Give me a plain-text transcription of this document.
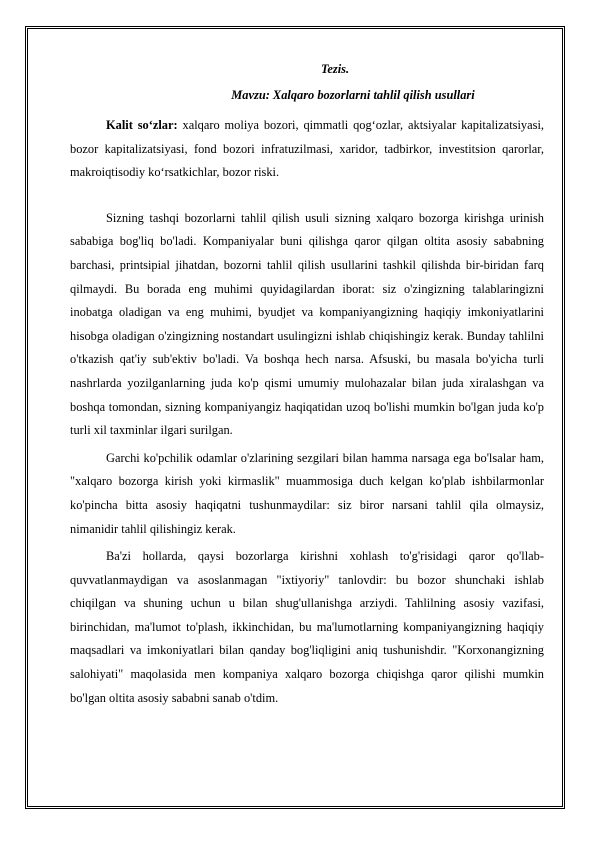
Tezis.
Mavzu: Xalqaro bozorlarni tahlil qilish usullari

Kalit so‘zlar: xalqaro moliya bozori, qimmatli qog‘ozlar, aktsiyalar kapitalizatsiyasi, bozor kapitalizatsiyasi, fond bozori infratuzilmasi, xaridor, tadbirkor, investitsion qarorlar, makroiqtisodiy ko‘rsatkichlar, bozor riski.

Sizning tashqi bozorlarni tahlil qilish usuli sizning xalqaro bozorga kirishga urinish sababiga bog'liq bo'ladi. Kompaniyalar buni qilishga qaror qilgan oltita asosiy sababning barchasi, printsipial jihatdan, bozorni tahlil qilish usullarini tashkil qilishda bir-biridan farq qilmaydi. Bu borada eng muhimi quyidagilardan iborat: siz o'zingizning talablaringizni inobatga oladigan va eng muhimi, byudjet va kompaniyangizning haqiqiy imkoniyatlarini hisobga oladigan o'zingizning nostandart usulingizni ishlab chiqishingiz kerak. Bunday tahlilni o'tkazish qat'iy sub'ektiv bo'ladi. Va boshqa hech narsa. Afsuski, bu masala bo'yicha turli nashrlarda yozilganlarning juda ko'p qismi umumiy mulohazalar bilan juda xiralashgan va boshqa tomondan, sizning kompaniyangiz haqiqatidan uzoq bo'lishi mumkin bo'lgan juda ko'p turli xil taxminlar ilgari surilgan.

Garchi ko'pchilik odamlar o'zlarining sezgilari bilan hamma narsaga ega bo'lsalar ham, "xalqaro bozorga kirish yoki kirmaslik" muammosiga duch kelgan ko'plab ishbilarmonlar ko'pincha bitta asosiy haqiqatni tushunmaydilar: siz biror narsani tahlil qila olmaysiz, nimanidir tahlil qilishingiz kerak.

Ba'zi hollarda, qaysi bozorlarga kirishni xohlash to'g'risidagi qaror qo'llab-quvvatlanmaydigan va asoslanmagan "ixtiyoriy" tanlovdir: bu bozor shunchaki ishlab chiqilgan va shuning uchun u bilan shug'ullanishga arziydi. Tahlilning asosiy vazifasi, birinchidan, ma'lumot to'plash, ikkinchidan, bu ma'lumotlarning kompaniyangizning haqiqiy maqsadlari va imkoniyatlari bilan qanday bog'liqligini aniq tushunishdir. "Korxonangizning salohiyati" maqolasida men kompaniya xalqaro bozorga chiqishga qaror qilishi mumkin bo'lgan oltita asosiy sababni sanab o'tdim.
